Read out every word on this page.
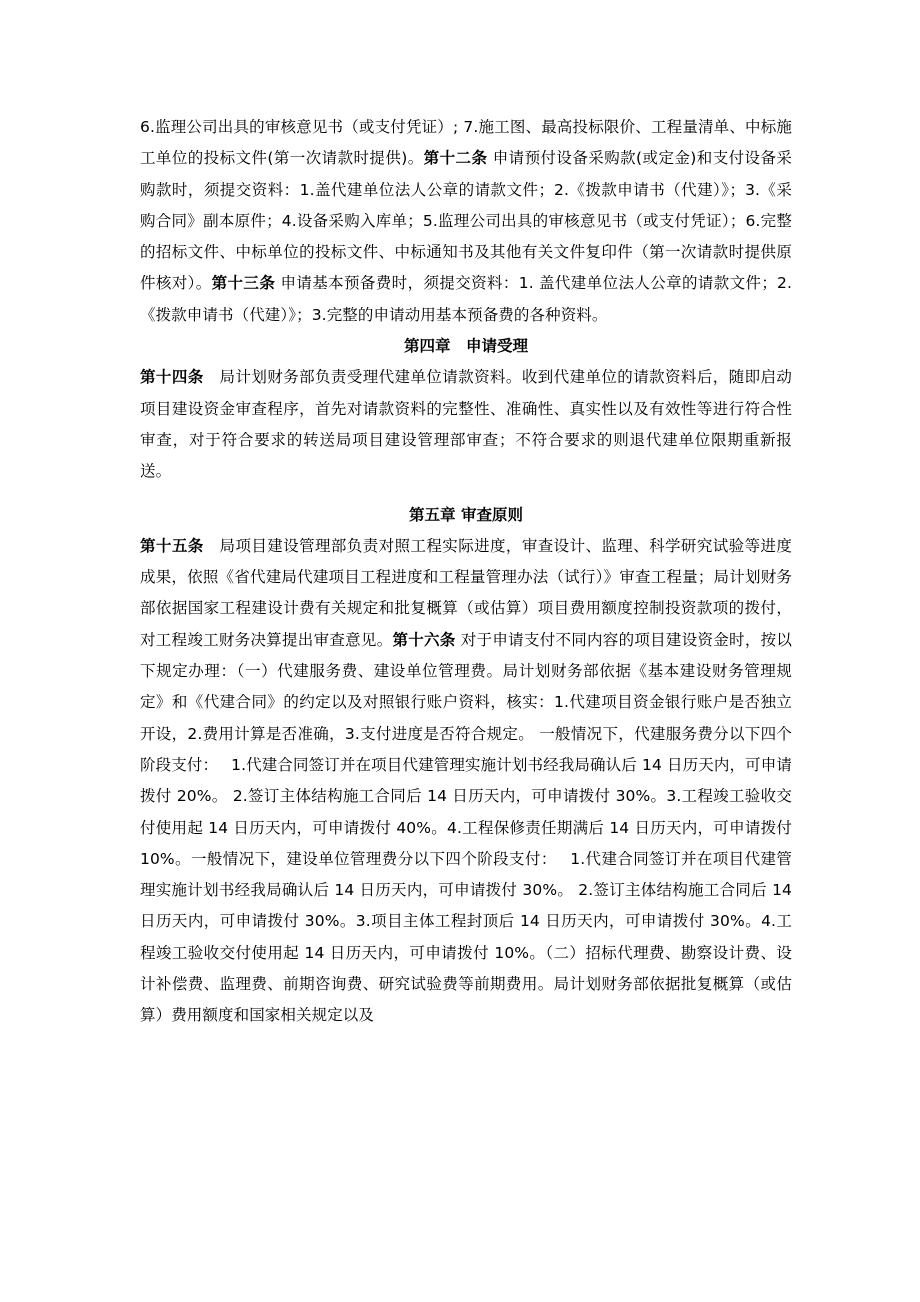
6.监理公司出具的审核意见书（或支付凭证）; 7.施工图、最高投标限价、工程量清单、中标施工单位的投标文件(第一次请款时提供)。第十二条 申请预付设备采购款(或定金)和支付设备采购款时，须提交资料：1.盖代建单位法人公章的请款文件；2.《拨款申请书（代建）》；3.《采购合同》副本原件；4.设备采购入库单；5.监理公司出具的审核意见书（或支付凭证）；6.完整的招标文件、中标单位的投标文件、中标通知书及其他有关文件复印件（第一次请款时提供原件核对）。第十三条 申请基本预备费时，须提交资料：1. 盖代建单位法人公章的请款文件；2.《拨款申请书（代建）》；3.完整的申请动用基本预备费的各种资料。

第四章　申请受理

第十四条　局计划财务部负责受理代建单位请款资料。收到代建单位的请款资料后，随即启动项目建设资金审查程序，首先对请款资料的完整性、准确性、真实性以及有效性等进行符合性审查，对于符合要求的转送局项目建设管理部审查；不符合要求的则退代建单位限期重新报送。

第五章 审查原则

第十五条　局项目建设管理部负责对照工程实际进度，审查设计、监理、科学研究试验等进度成果，依照《省代建局代建项目工程进度和工程量管理办法（试行）》审查工程量；局计划财务部依据国家工程建设计费有关规定和批复概算（或估算）项目费用额度控制投资款项的拨付，对工程竣工财务决算提出审查意见。第十六条 对于申请支付不同内容的项目建设资金时，按以下规定办理：（一）代建服务费、建设单位管理费。局计划财务部依据《基本建设财务管理规定》和《代建合同》的约定以及对照银行账户资料，核实：1.代建项目资金银行账户是否独立开设，2.费用计算是否准确，3.支付进度是否符合规定。 一般情况下，代建服务费分以下四个阶段支付：　 1.代建合同签订并在项目代建管理实施计划书经我局确认后 14 日历天内，可申请拨付 20%。 2.签订主体结构施工合同后 14 日历天内，可申请拨付 30%。3.工程竣工验收交付使用起 14 日历天内，可申请拨付 40%。4.工程保修责任期满后 14 日历天内，可申请拨付 10%。一般情况下，建设单位管理费分以下四个阶段支付：　 1.代建合同签订并在项目代建管理实施计划书经我局确认后 14 日历天内，可申请拨付 30%。 2.签订主体结构施工合同后 14 日历天内，可申请拨付 30%。3.项目主体工程封顶后 14 日历天内，可申请拨付 30%。4.工程竣工验收交付使用起 14 日历天内，可申请拨付 10%。（二）招标代理费、勘察设计费、设计补偿费、监理费、前期咨询费、研究试验费等前期费用。局计划财务部依据批复概算（或估算）费用额度和国家相关规定以及
